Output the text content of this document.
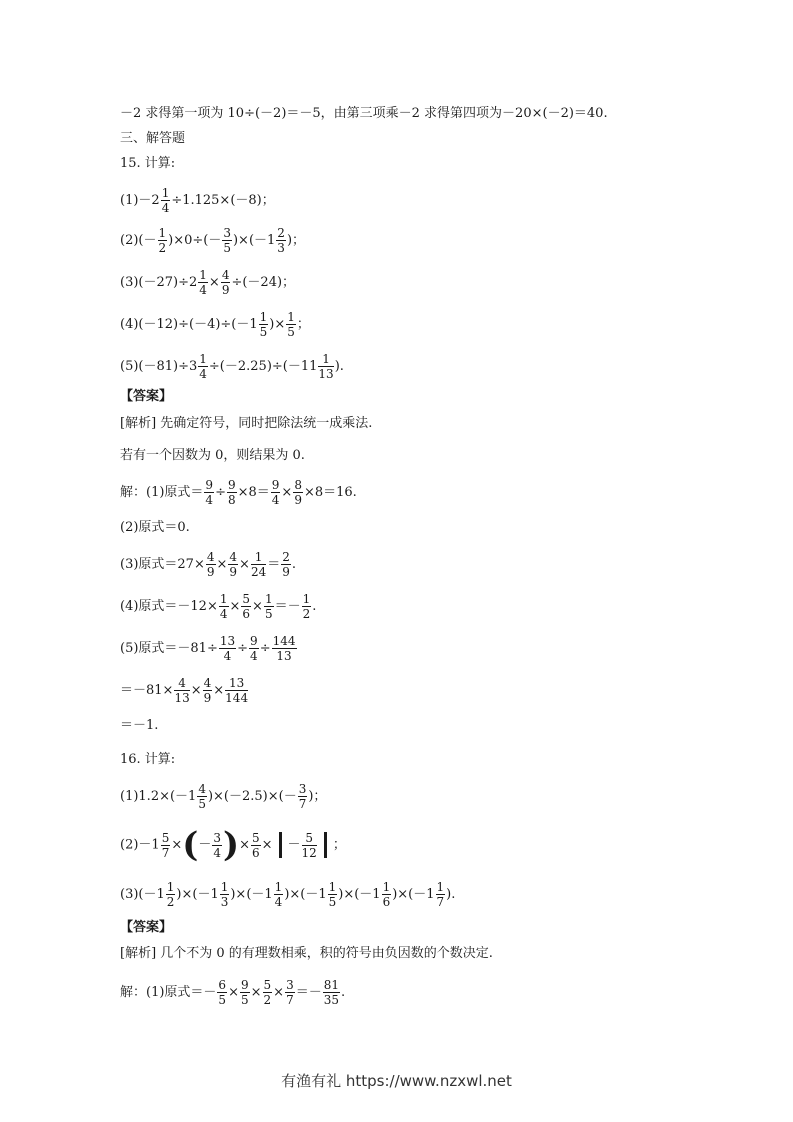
－2 求得第一项为 10÷(－2)＝－5，由第三项乘－2 求得第四项为－20×(－2)＝40.
三、解答题
15. 计算:
$(1)-2 \frac{1}{4} \div 1.125\times(-8)$；
$(2)(- \frac{1}{2} )\times 0\div(- \frac{3}{5} )\times(-1 \frac{2}{3}$ )；
$(3)(-27)\div 2 \frac{1}{4} \times \frac{4}{9} \div(-24)$；
$(4)(-12)\div(-4)\div(-1 \frac{1}{5}$ )× $\frac{1}{5}$ ；
$(5)(-81)\div 3 \frac{1}{4} \div(-2.25)\div(-11 \frac{1}{13}$ ).
【答案】
[解析] 先确定符号，同时把除法统一成乘法.
若有一个因数为 0，则结果为 0.
解：(1)原式＝ $\frac{9}{4} \div \frac{9}{8} \times 8= \frac{9}{4} \times \frac{8}{9} \times 8=16$.
(2)原式＝0.
(3)原式$=27\times \frac{4}{9} \times \frac{4}{9} \times \frac{1}{24} = \frac{2}{9}$ .
(4)原式$=-12\times \frac{1}{4} \times \frac{5}{6} \times \frac{1}{5} =- \frac{1}{2}$ .
(5)原式$=-81\div \frac{13}{4} \div \frac{9}{4} \div \frac{144}{13}$
$=-81\times \frac{4}{13} \times \frac{4}{9} \times \frac{13}{144}$
＝－1.
16. 计算:
$(1)1.2\times(-1 \frac{4}{5} )\times(-2.5)\times(- \frac{3}{7}$ )；
$(2)-1 \frac{5}{7}$ ×(－ $\frac{3}{4}$ )× $\frac{5}{6}$ × － $\frac{5}{12}$ ；
$(3)(-1 \frac{1}{2} )\times(-1 \frac{1}{3} )\times(-1 \frac{1}{4} )\times(-1 \frac{1}{5} )\times(-1 \frac{1}{6} )\times(-1 \frac{1}{7}$ ).
【答案】
[解析] 几个不为 0 的有理数相乘，积的符号由负因数的个数决定.
解：(1)原式＝－ $\frac{6}{5} \times \frac{9}{5} \times \frac{5}{2} \times \frac{3}{7} =- \frac{81}{35}$ .
有渔有礼 https://www.nzxwl.net
